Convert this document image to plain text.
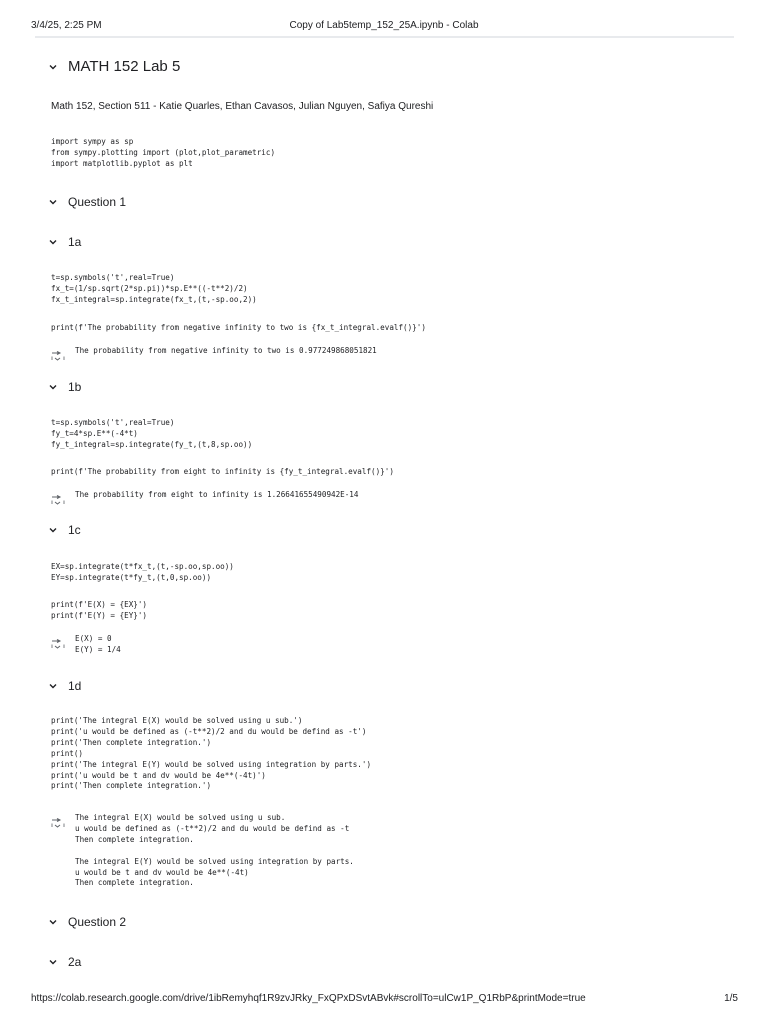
3/4/25, 2:25 PM	Copy of Lab5temp_152_25A.ipynb - Colab
MATH 152 Lab 5
Math 152, Section 511 - Katie Quarles, Ethan Cavasos, Julian Nguyen, Safiya Qureshi
import sympy as sp
from sympy.plotting import (plot,plot_parametric)
import matplotlib.pyplot as plt
Question 1
1a
t=sp.symbols('t',real=True)
fx_t=(1/sp.sqrt(2*sp.pi))*sp.E**((-t**2)/2)
fx_t_integral=sp.integrate(fx_t,(t,-sp.oo,2))
print(f'The probability from negative infinity to two is {fx_t_integral.evalf()}')
The probability from negative infinity to two is 0.977249868051821
1b
t=sp.symbols('t',real=True)
fy_t=4*sp.E**(-4*t)
fy_t_integral=sp.integrate(fy_t,(t,8,sp.oo))
print(f'The probability from eight to infinity is {fy_t_integral.evalf()}')
The probability from eight to infinity is 1.26641655490942E-14
1c
EX=sp.integrate(t*fx_t,(t,-sp.oo,sp.oo))
EY=sp.integrate(t*fy_t,(t,0,sp.oo))
print(f'E(X) = {EX}')
print(f'E(Y) = {EY}')
E(X) = 0
E(Y) = 1/4
1d
print('The integral E(X) would be solved using u sub.')
print('u would be defined as (-t**2)/2 and du would be defind as -t')
print('Then complete integration.')
print()
print('The integral E(Y) would be solved using integration by parts.')
print('u would be t and dv would be 4e**(-4t)')
print('Then complete integration.')
The integral E(X) would be solved using u sub.
u would be defined as (-t**2)/2 and du would be defind as -t
Then complete integration.
The integral E(Y) would be solved using integration by parts.
u would be t and dv would be 4e**(-4t)
Then complete integration.
Question 2
2a
https://colab.research.google.com/drive/1ibRemyhqf1R9zvJRky_FxQPxDSvtABvk#scrollTo=ulCw1P_Q1RbP&printMode=true	1/5
